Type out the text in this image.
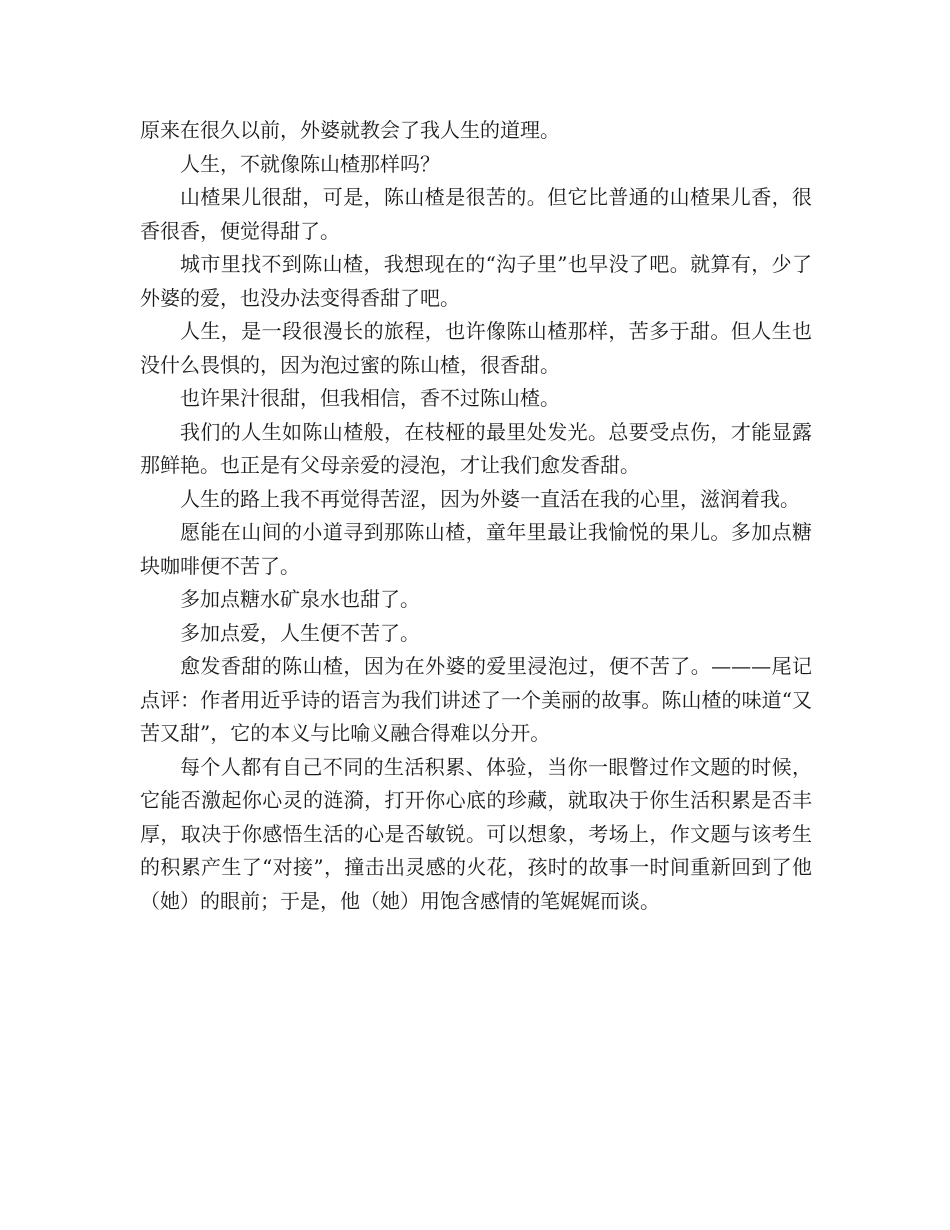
原来在很久以前，外婆就教会了我人生的道理。

人生，不就像陈山楂那样吗？

山楂果儿很甜，可是，陈山楂是很苦的。但它比普通的山楂果儿香，很香很香，便觉得甜了。

城市里找不到陈山楂，我想现在的“沟子里”也早没了吧。就算有，少了外婆的爱，也没办法变得香甜了吧。

人生，是一段很漫长的旅程，也许像陈山楂那样，苦多于甜。但人生也没什么畏惧的，因为泡过蜜的陈山楂，很香甜。

也许果汁很甜，但我相信，香不过陈山楂。

我们的人生如陈山楂般，在枝桠的最里处发光。总要受点伤，才能显露那鲜艳。也正是有父母亲爱的浸泡，才让我们愈发香甜。

人生的路上我不再觉得苦涩，因为外婆一直活在我的心里，滋润着我。

愿能在山间的小道寻到那陈山楂，童年里最让我愉悦的果儿。多加点糖块咖啡便不苦了。

多加点糖水矿泉水也甜了。

多加点爱，人生便不苦了。

愈发香甜的陈山楂，因为在外婆的爱里浸泡过，便不苦了。———尾记点评：作者用近乎诗的语言为我们讲述了一个美丽的故事。陈山楂的味道“又苦又甜”，它的本义与比喻义融合得难以分开。

每个人都有自己不同的生活积累、体验，当你一眼瞥过作文题的时候，它能否激起你心灵的涟漪，打开你心底的珍藏，就取决于你生活积累是否丰厚，取决于你感悟生活的心是否敏锐。可以想象，考场上，作文题与该考生的积累产生了“对接”，撞击出灵感的火花，孩时的故事一时间重新回到了他（她）的眼前；于是，他（她）用饱含感情的笔娓娓而谈。
